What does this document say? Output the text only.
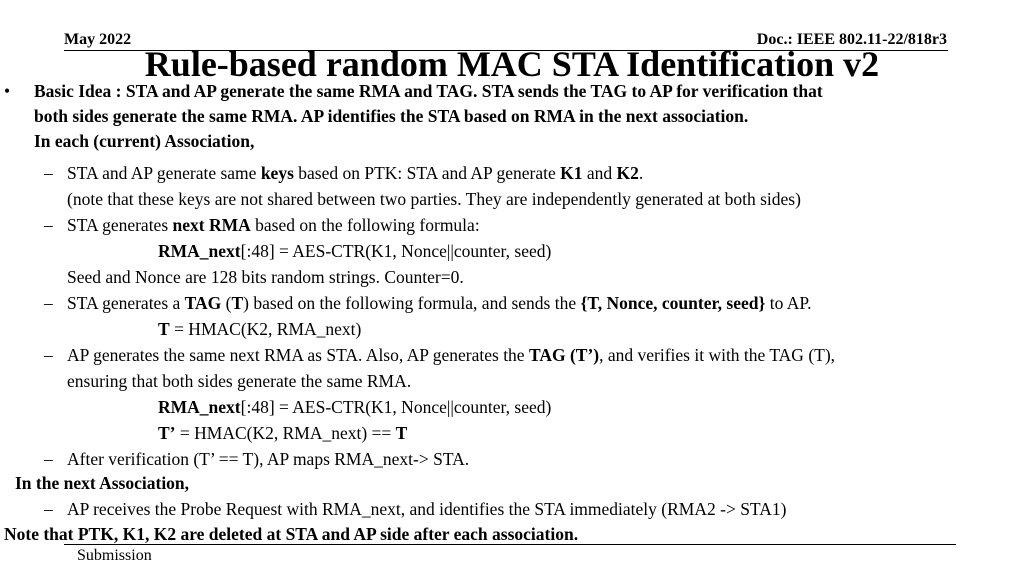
May 2022	Doc.: IEEE 802.11-22/818r3
Rule-based random MAC STA Identification v2
• Basic Idea : STA and AP generate the same RMA and TAG. STA sends the TAG to AP for verification that
both sides generate the same RMA. AP identifies the STA based on RMA in the next association.
In each (current) Association,
– STA and AP generate same keys based on PTK: STA and AP generate K1 and K2.
(note that these keys are not shared between two parties. They are independently generated at both sides)
– STA generates next RMA based on the following formula:
RMA_next[:48] = AES-CTR(K1, Nonce||counter, seed)
Seed and Nonce are 128 bits random strings. Counter=0.
– STA generates a TAG (T) based on the following formula, and sends the {T, Nonce, counter, seed} to AP.
T = HMAC(K2, RMA_next)
– AP generates the same next RMA as STA. Also, AP generates the TAG (T’), and verifies it with the TAG (T),
ensuring that both sides generate the same RMA.
RMA_next[:48] = AES-CTR(K1, Nonce||counter, seed)
T’ = HMAC(K2, RMA_next) == T
– After verification (T’ == T), AP maps RMA_next-> STA.
In the next Association,
– AP receives the Probe Request with RMA_next, and identifies the STA immediately (RMA2 -> STA1)
Note that PTK, K1, K2 are deleted at STA and AP side after each association.
Submission
